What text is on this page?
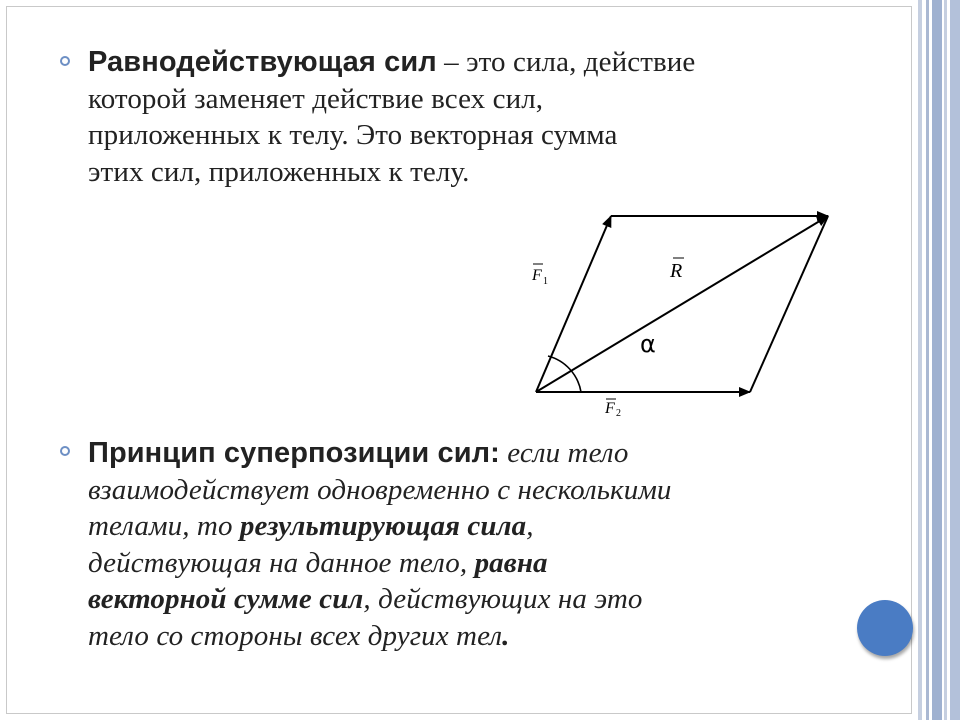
Равнодействующая сил – это сила, действие
которой заменяет действие всех сил,
приложенных к телу. Это векторная сумма
этих сил, приложенных к телу.
F 1	R
F 2
α
Принцип суперпозиции сил: если тело
взаимодействует одновременно с несколькими
телами, то результирующая сила,
действующая на данное тело, равна
векторной сумме сил, действующих на это
тело со стороны всех других тел.
